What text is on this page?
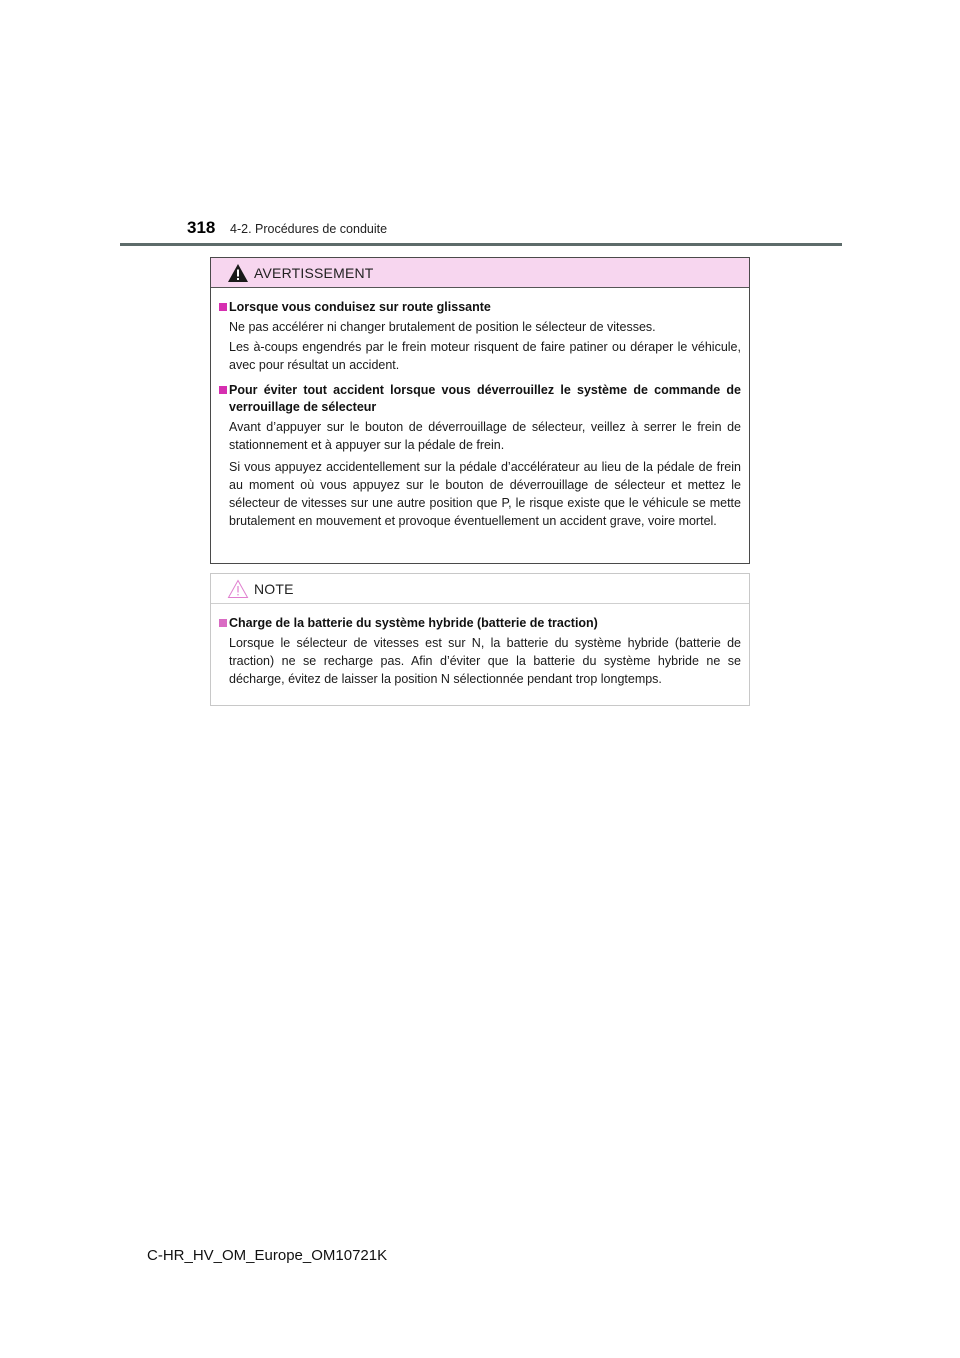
318 4-2. Procédures de conduite
AVERTISSEMENT
Lorsque vous conduisez sur route glissante

Ne pas accélérer ni changer brutalement de position le sélecteur de vitesses.

Les à-coups engendrés par le frein moteur risquent de faire patiner ou déraper le véhicule, avec pour résultat un accident.

Pour éviter tout accident lorsque vous déverrouillez le système de commande de verrouillage de sélecteur

Avant d’appuyer sur le bouton de déverrouillage de sélecteur, veillez à serrer le frein de stationnement et à appuyer sur la pédale de frein.

Si vous appuyez accidentellement sur la pédale d’accélérateur au lieu de la pédale de frein au moment où vous appuyez sur le bouton de déverrouillage de sélecteur et mettez le sélecteur de vitesses sur une autre position que P, le risque existe que le véhicule se mette brutalement en mouvement et provoque éventuellement un accident grave, voire mortel.

NOTE
Charge de la batterie du système hybride (batterie de traction)

Lorsque le sélecteur de vitesses est sur N, la batterie du système hybride (batterie de traction) ne se recharge pas. Afin d’éviter que la batterie du système hybride ne se décharge, évitez de laisser la position N sélectionnée pendant trop longtemps.

C-HR_HV_OM_Europe_OM10721K
